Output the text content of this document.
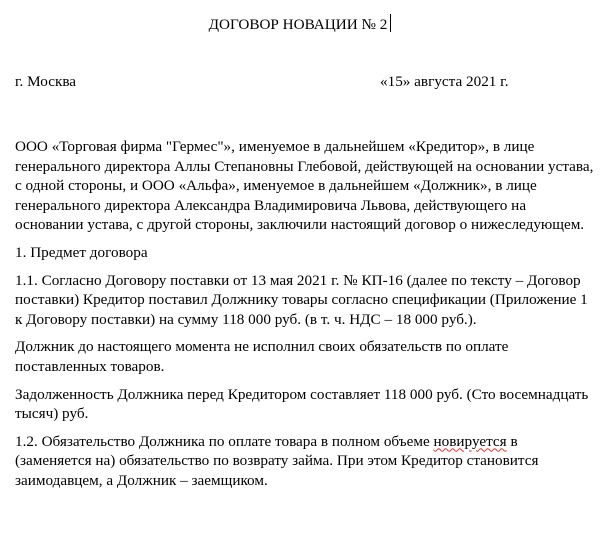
ДОГОВОР НОВАЦИИ № 2
г. Москва	«15» августа 2021 г.

ООО «Торговая фирма "Гермес"», именуемое в дальнейшем «Кредитор», в лице генерального директора Аллы Степановны Глебовой, действующей на основании устава, с одной стороны, и ООО «Альфа», именуемое в дальнейшем «Должник», в лице генерального директора Александра Владимировича Львова, действующего на основании устава, с другой стороны, заключили настоящий договор о нижеследующем.

1. Предмет договора

1.1. Согласно Договору поставки от 13 мая 2021 г. № КП-16 (далее по тексту – Договор поставки) Кредитор поставил Должнику товары согласно спецификации (Приложение 1 к Договору поставки) на сумму 118 000 руб. (в т. ч. НДС – 18 000 руб.).

Должник до настоящего момента не исполнил своих обязательств по оплате поставленных товаров.

Задолженность Должника перед Кредитором составляет 118 000 руб. (Сто восемнадцать тысяч) руб.

1.2. Обязательство Должника по оплате товара в полном объеме новируется в (заменяется на) обязательство по возврату займа. При этом Кредитор становится заимодавцем, а Должник – заемщиком.
